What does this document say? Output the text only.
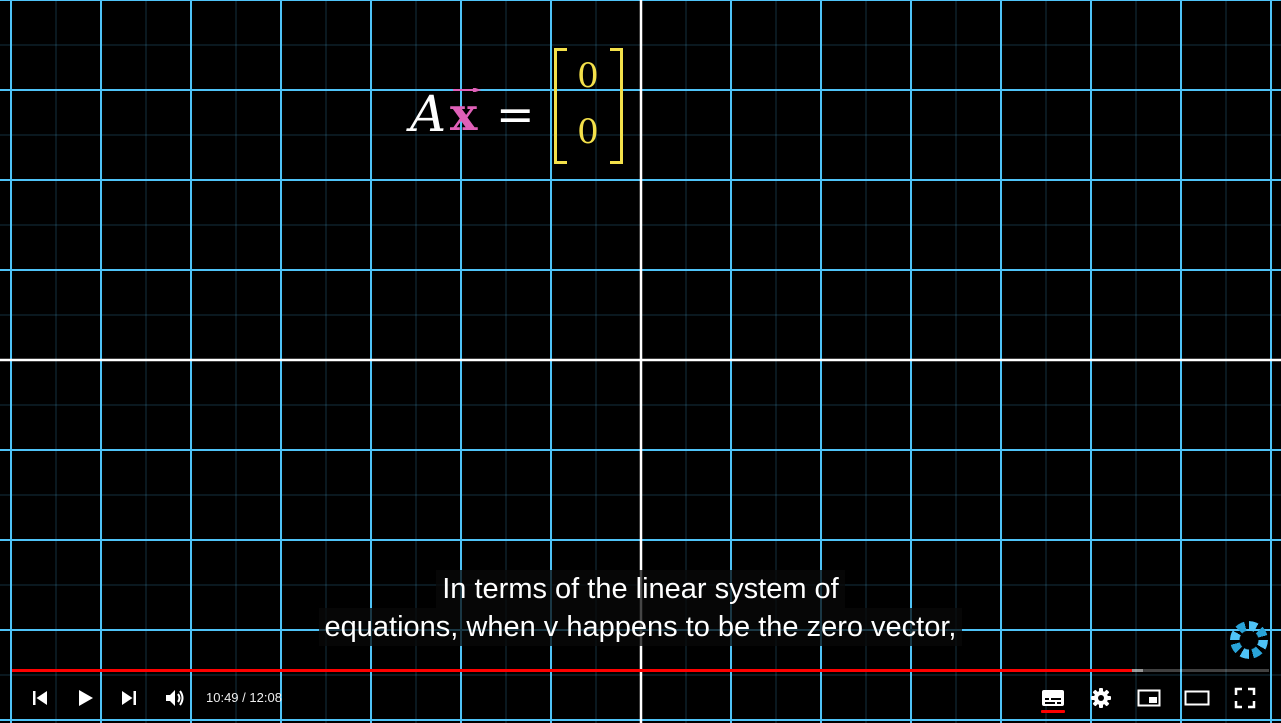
A x =
0
0
In terms of the linear system of
equations, when v happens to be the zero vector,
10:49 / 12:08
